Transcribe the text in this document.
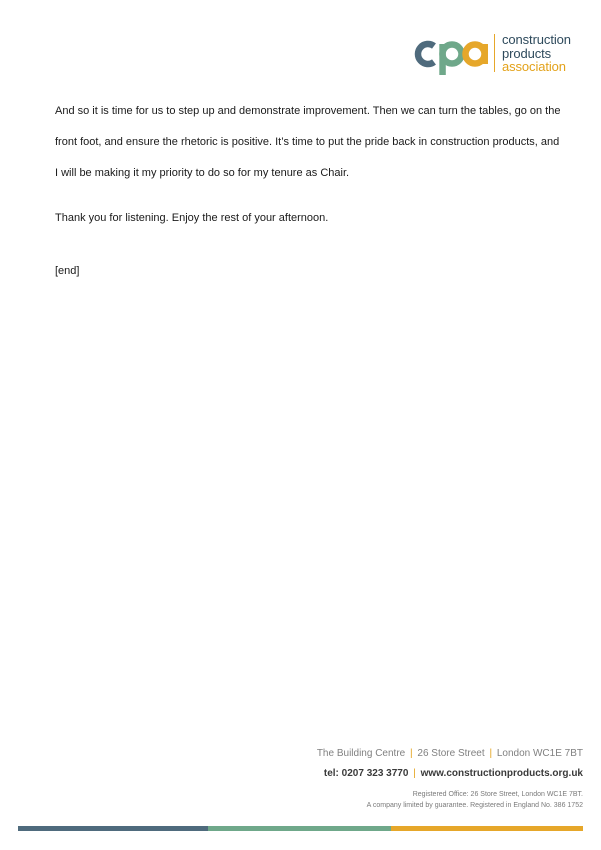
construction
products
association

And so it is time for us to step up and demonstrate improvement. Then we can turn the tables, go on the front foot, and ensure the rhetoric is positive. It’s time to put the pride back in construction products, and I will be making it my priority to do so for my tenure as Chair.

Thank you for listening. Enjoy the rest of your afternoon.

[end]

The Building Centre | 26 Store Street | London WC1E 7BT
tel: 0207 323 3770 | www.constructionproducts.org.uk
Registered Office: 26 Store Street, London WC1E 7BT.
A company limited by guarantee. Registered in England No. 386 1752
